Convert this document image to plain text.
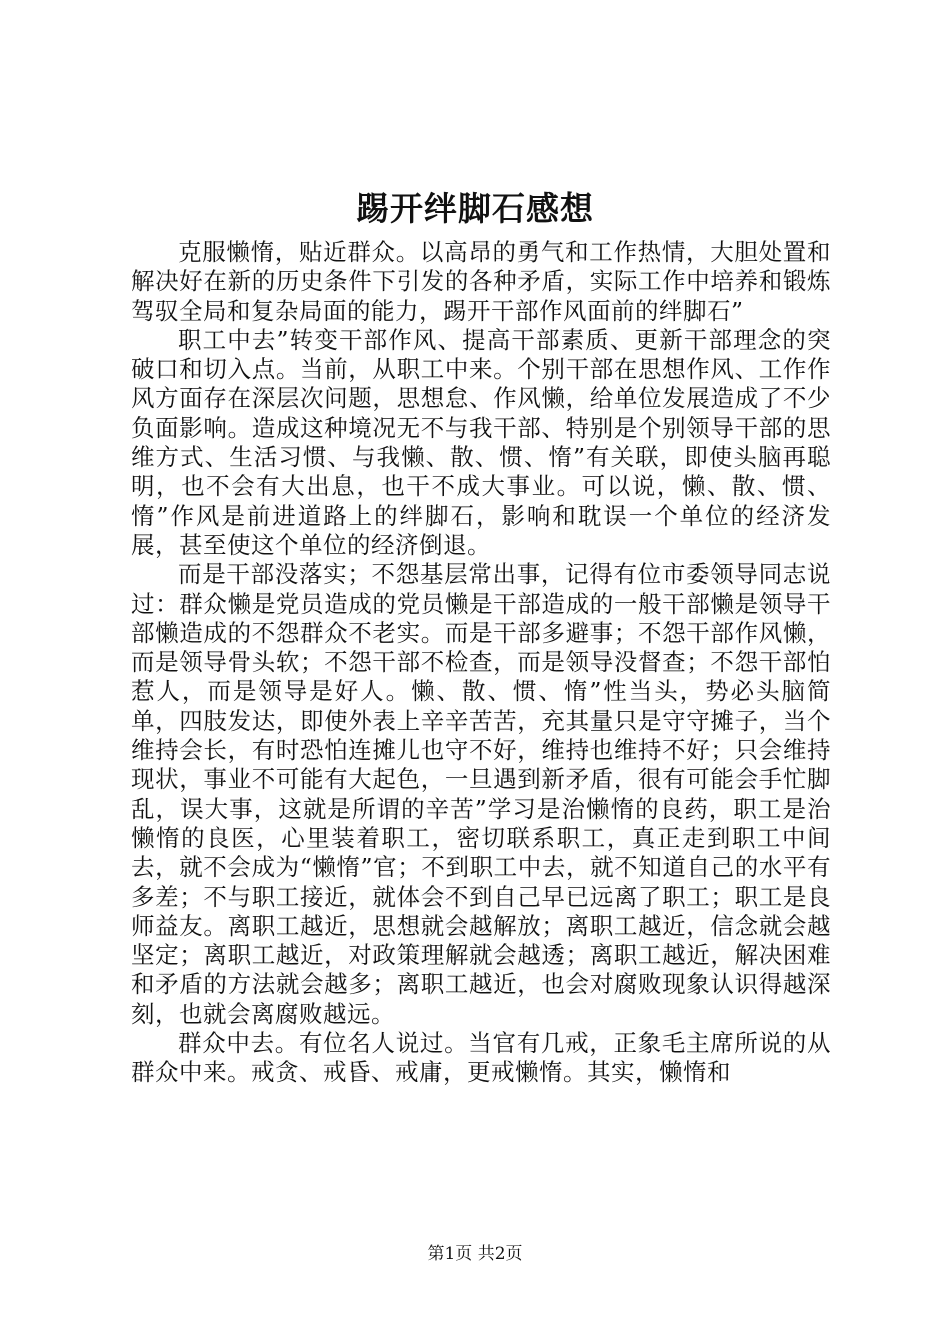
踢开绊脚石感想

克服懒惰，贴近群众。以高昂的勇气和工作热情，大胆处置和解决好在新的历史条件下引发的各种矛盾，实际工作中培养和锻炼驾驭全局和复杂局面的能力，踢开干部作风面前的绊脚石”

职工中去”转变干部作风、提高干部素质、更新干部理念的突破口和切入点。当前，从职工中来。个别干部在思想作风、工作作风方面存在深层次问题，思想怠、作风懒，给单位发展造成了不少负面影响。造成这种境况无不与我干部、特别是个别领导干部的思维方式、生活习惯、与我懒、散、惯、惰”有关联，即使头脑再聪明，也不会有大出息，也干不成大事业。可以说，懒、散、惯、惰”作风是前进道路上的绊脚石，影响和耽误一个单位的经济发展，甚至使这个单位的经济倒退。

而是干部没落实；不怨基层常出事，记得有位市委领导同志说过：群众懒是党员造成的党员懒是干部造成的一般干部懒是领导干部懒造成的不怨群众不老实。而是干部多避事；不怨干部作风懒，而是领导骨头软；不怨干部不检查，而是领导没督查；不怨干部怕惹人，而是领导是好人。懒、散、惯、惰”性当头，势必头脑简单，四肢发达，即使外表上辛辛苦苦，充其量只是守守摊子，当个维持会长，有时恐怕连摊儿也守不好，维持也维持不好；只会维持现状，事业不可能有大起色，一旦遇到新矛盾，很有可能会手忙脚乱，误大事，这就是所谓的辛苦”学习是治懒惰的良药，职工是治懒惰的良医，心里装着职工，密切联系职工，真正走到职工中间去，就不会成为“懒惰”官；不到职工中去，就不知道自己的水平有多差；不与职工接近，就体会不到自己早已远离了职工；职工是良师益友。离职工越近，思想就会越解放；离职工越近，信念就会越坚定；离职工越近，对政策理解就会越透；离职工越近，解决困难和矛盾的方法就会越多；离职工越近，也会对腐败现象认识得越深刻，也就会离腐败越远。

群众中去。有位名人说过。当官有几戒，正象毛主席所说的从群众中来。戒贪、戒昏、戒庸，更戒懒惰。其实，懒惰和

第1页 共2页
